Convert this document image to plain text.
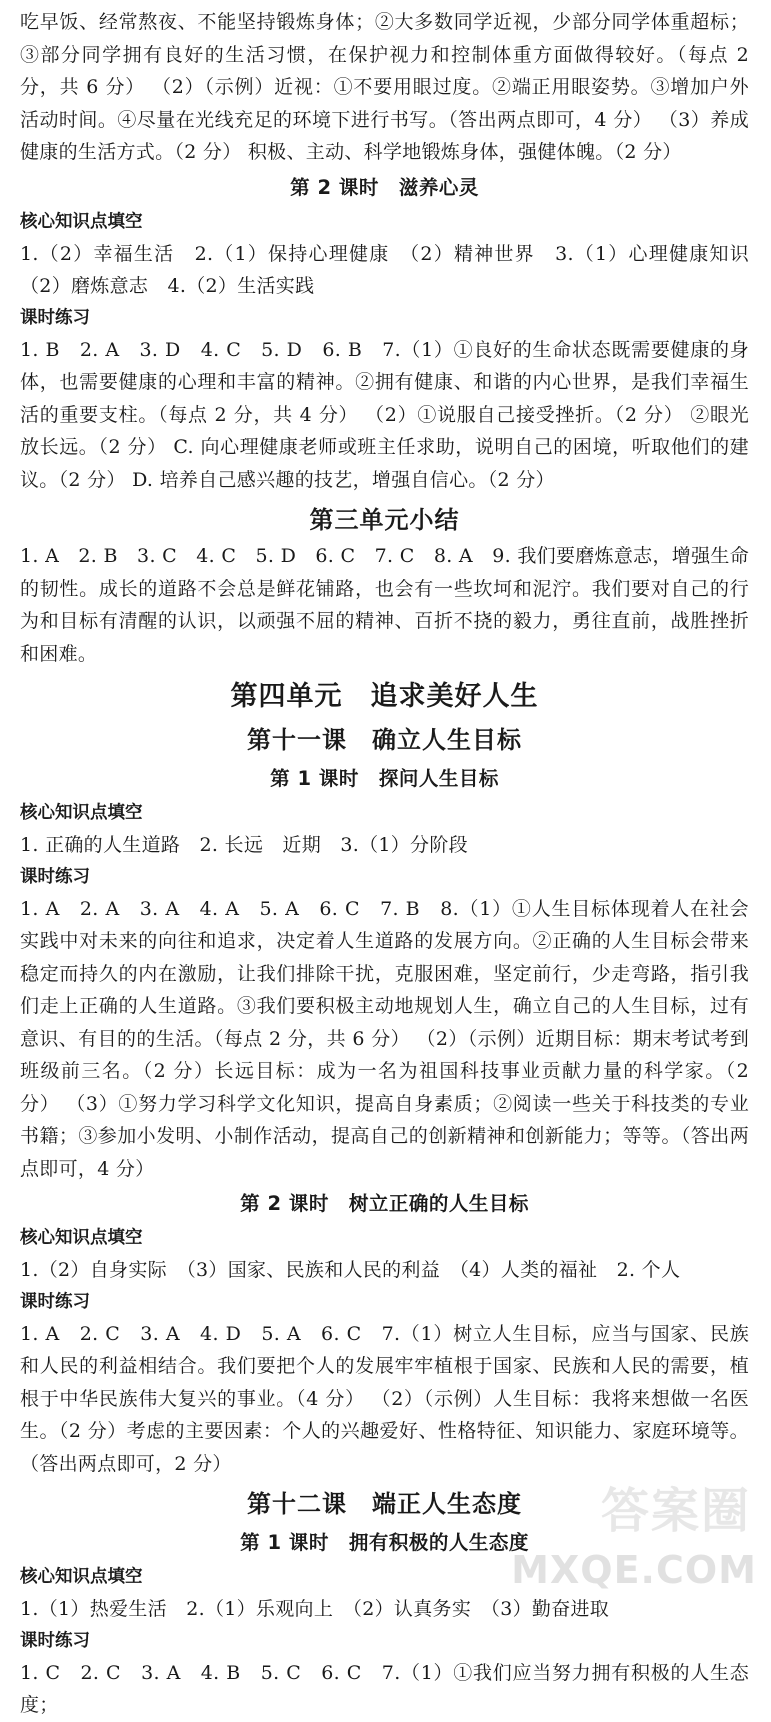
吃早饭、经常熬夜、不能坚持锻炼身体；②大多数同学近视，少部分同学体重超标；③部分同学拥有良好的生活习惯，在保护视力和控制体重方面做得较好。（每点 2 分，共 6 分） （2）（示例）近视：①不要用眼过度。②端正用眼姿势。③增加户外活动时间。④尽量在光线充足的环境下进行书写。（答出两点即可，4 分） （3）养成健康的生活方式。（2 分） 积极、主动、科学地锻炼身体，强健体魄。（2 分）

第 2 课时　滋养心灵
核心知识点填空

1.（2）幸福生活　2.（1）保持心理健康　（2）精神世界　3.（1）心理健康知识　（2）磨炼意志　4.（2）生活实践

课时练习

1. B　2. A　3. D　4. C　5. D　6. B　7.（1）①良好的生命状态既需要健康的身体，也需要健康的心理和丰富的精神。②拥有健康、和谐的内心世界，是我们幸福生活的重要支柱。（每点 2 分，共 4 分） （2）①说服自己接受挫折。（2 分） ②眼光放长远。（2 分） C. 向心理健康老师或班主任求助，说明自己的困境，听取他们的建议。（2 分） D. 培养自己感兴趣的技艺，增强自信心。（2 分）

第三单元小结

1. A　2. B　3. C　4. C　5. D　6. C　7. C　8. A　9. 我们要磨炼意志，增强生命的韧性。成长的道路不会总是鲜花铺路，也会有一些坎坷和泥泞。我们要对自己的行为和目标有清醒的认识，以顽强不屈的精神、百折不挠的毅力，勇往直前，战胜挫折和困难。

第四单元　追求美好人生
第十一课　确立人生目标
第 1 课时　探问人生目标
核心知识点填空

1. 正确的人生道路　2. 长远　近期　3.（1）分阶段

课时练习

1. A　2. A　3. A　4. A　5. A　6. C　7. B　8.（1）①人生目标体现着人在社会实践中对未来的向往和追求，决定着人生道路的发展方向。②正确的人生目标会带来稳定而持久的内在激励，让我们排除干扰，克服困难，坚定前行，少走弯路，指引我们走上正确的人生道路。③我们要积极主动地规划人生，确立自己的人生目标，过有意识、有目的的生活。（每点 2 分，共 6 分） （2）（示例）近期目标：期末考试考到班级前三名。（2 分）长远目标：成为一名为祖国科技事业贡献力量的科学家。（2 分） （3）①努力学习科学文化知识，提高自身素质；②阅读一些关于科技类的专业书籍；③参加小发明、小制作活动，提高自己的创新精神和创新能力；等等。（答出两点即可，4 分）

第 2 课时　树立正确的人生目标
核心知识点填空

1.（2）自身实际　（3）国家、民族和人民的利益　（4）人类的福祉　2. 个人

课时练习

1. A　2. C　3. A　4. D　5. A　6. C　7.（1）树立人生目标，应当与国家、民族和人民的利益相结合。我们要把个人的发展牢牢植根于国家、民族和人民的需要，植根于中华民族伟大复兴的事业。（4 分） （2）（示例）人生目标：我将来想做一名医生。（2 分）考虑的主要因素：个人的兴趣爱好、性格特征、知识能力、家庭环境等。（答出两点即可，2 分）

第十二课　端正人生态度
第 1 课时　拥有积极的人生态度
核心知识点填空

1.（1）热爱生活　2.（1）乐观向上　（2）认真务实　（3）勤奋进取

课时练习

1. C　2. C　3. A　4. B　5. C　6. C　7.（1）①我们应当努力拥有积极的人生态度；

答案圈
MXQE.COM
